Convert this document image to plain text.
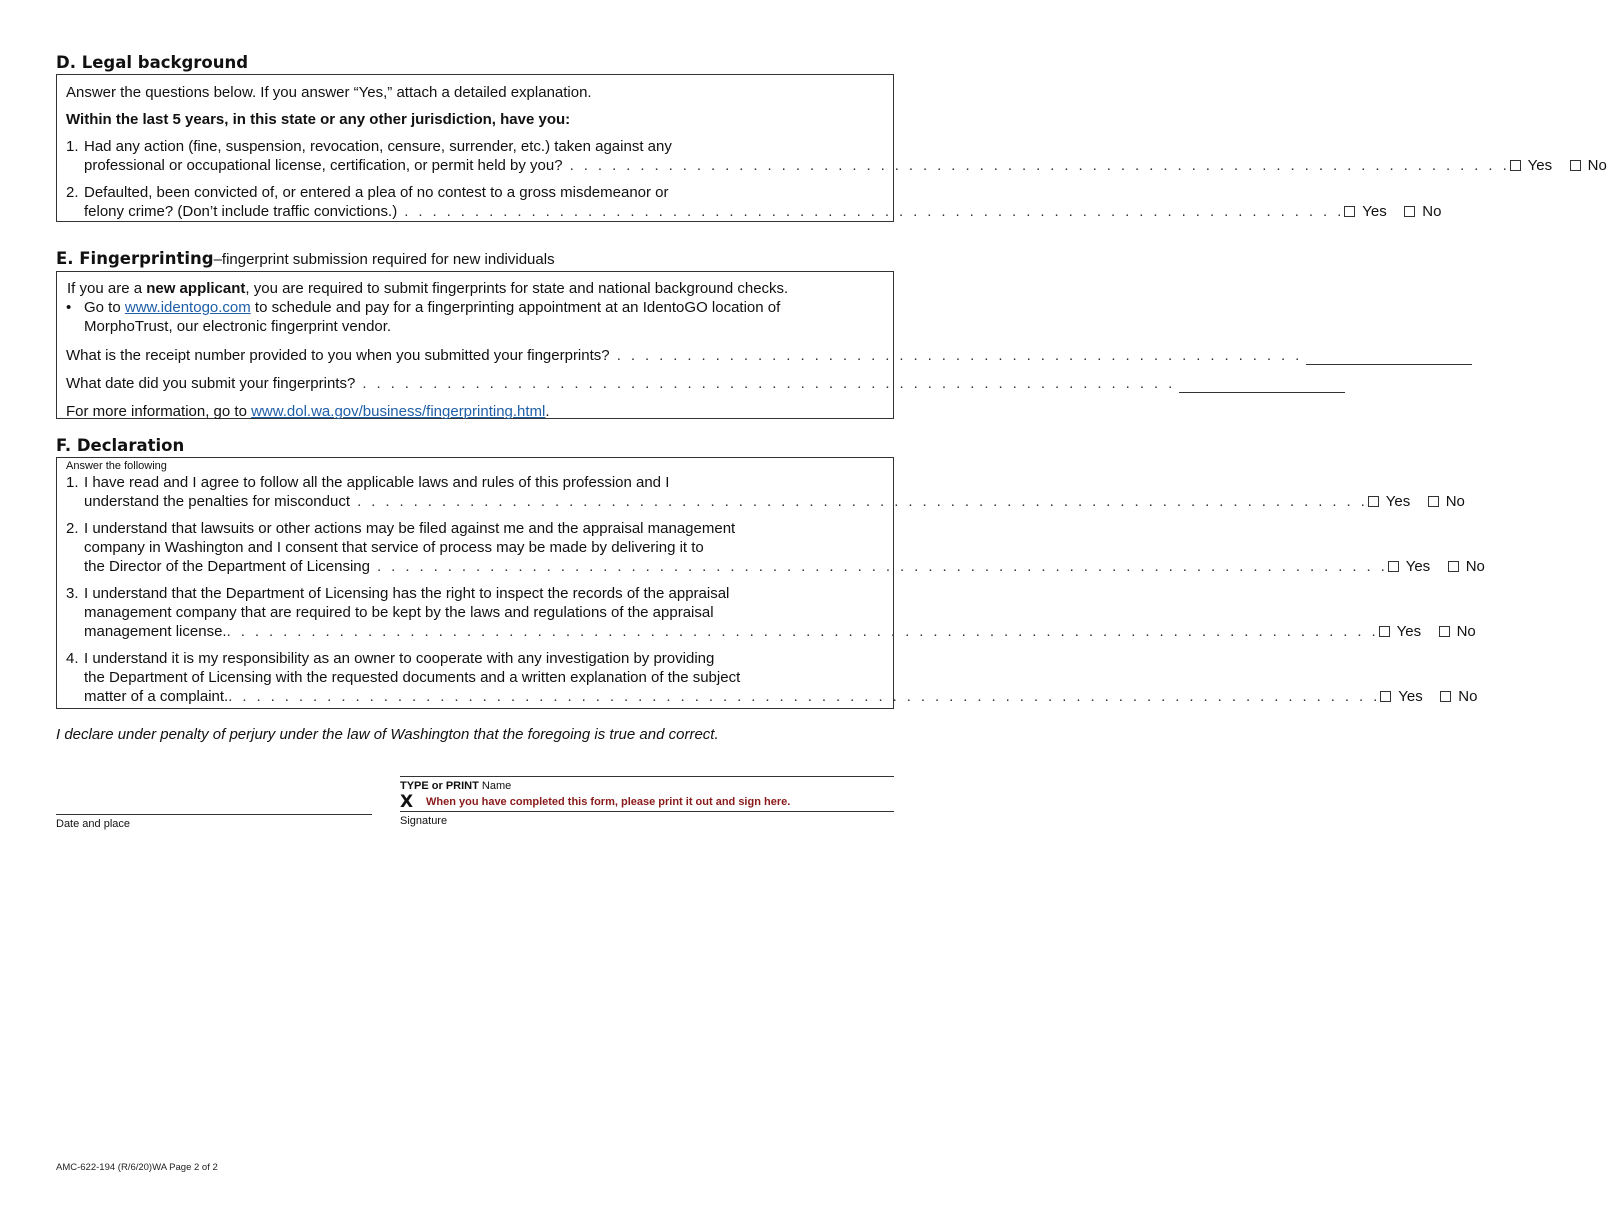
D. Legal background

Answer the questions below. If you answer “Yes,” attach a detailed explanation.

Within the last 5 years, in this state or any other jurisdiction, have you:

1. Had any action (fine, suspension, revocation, censure, surrender, etc.) taken against any
professional or occupational license, certification, or permit held by you? . . . . . . . . . . . . . . . . . . . . . . . . . . . . . . . . . . . . . . . . . . . . . . . . . . . . . . . . . . . . . . . . . . . Yes No
2. Defaulted, been convicted of, or entered a plea of no contest to a gross misdemeanor or
felony crime? (Don’t include traffic convictions.) . . . . . . . . . . . . . . . . . . . . . . . . . . . . . . . . . . . . . . . . . . . . . . . . . . . . . . . . . . . . . . . . . . . Yes No
E. Fingerprinting–fingerprint submission required for new individuals

If you are a new applicant, you are required to submit fingerprints for state and national background checks.

• Go to www.identogo.com to schedule and pay for a fingerprinting appointment at an IdentoGO location of
MorphoTrust, our electronic fingerprint vendor.
What is the receipt number provided to you when you submitted your fingerprints? . . . . . . . . . . . . . . . . . . . . . . . . . . . . . . . . . . . . . . . . . . . . . . . . .
What date did you submit your fingerprints? . . . . . . . . . . . . . . . . . . . . . . . . . . . . . . . . . . . . . . . . . . . . . . . . . . . . . . . . . .

For more information, go to www.dol.wa.gov/business/fingerprinting.html.

F. Declaration
Answer the following
1. I have read and I agree to follow all the applicable laws and rules of this profession and I
understand the penalties for misconduct . . . . . . . . . . . . . . . . . . . . . . . . . . . . . . . . . . . . . . . . . . . . . . . . . . . . . . . . . . . . . . . . . . . . . . . . Yes No
2. I understand that lawsuits or other actions may be filed against me and the appraisal management
company in Washington and I consent that service of process may be made by delivering it to
the Director of the Department of Licensing . . . . . . . . . . . . . . . . . . . . . . . . . . . . . . . . . . . . . . . . . . . . . . . . . . . . . . . . . . . . . . . . . . . . . . . . Yes No
3. I understand that the Department of Licensing has the right to inspect the records of the appraisal
management company that are required to be kept by the laws and regulations of the appraisal
management license. . . . . . . . . . . . . . . . . . . . . . . . . . . . . . . . . . . . . . . . . . . . . . . . . . . . . . . . . . . . . . . . . . . . . . . . . . . . . . . . . . . Yes No
4. I understand it is my responsibility as an owner to cooperate with any investigation by providing
the Department of Licensing with the requested documents and a written explanation of the subject
matter of a complaint. . . . . . . . . . . . . . . . . . . . . . . . . . . . . . . . . . . . . . . . . . . . . . . . . . . . . . . . . . . . . . . . . . . . . . . . . . . . . . . . . . . Yes No

I declare under penalty of perjury under the law of Washington that the foregoing is true and correct.

Date and place
TYPE or PRINT Name
X	When you have completed this form, please print it out and sign here.
Signature
AMC-622-194 (R/6/20)WA Page 2 of 2
